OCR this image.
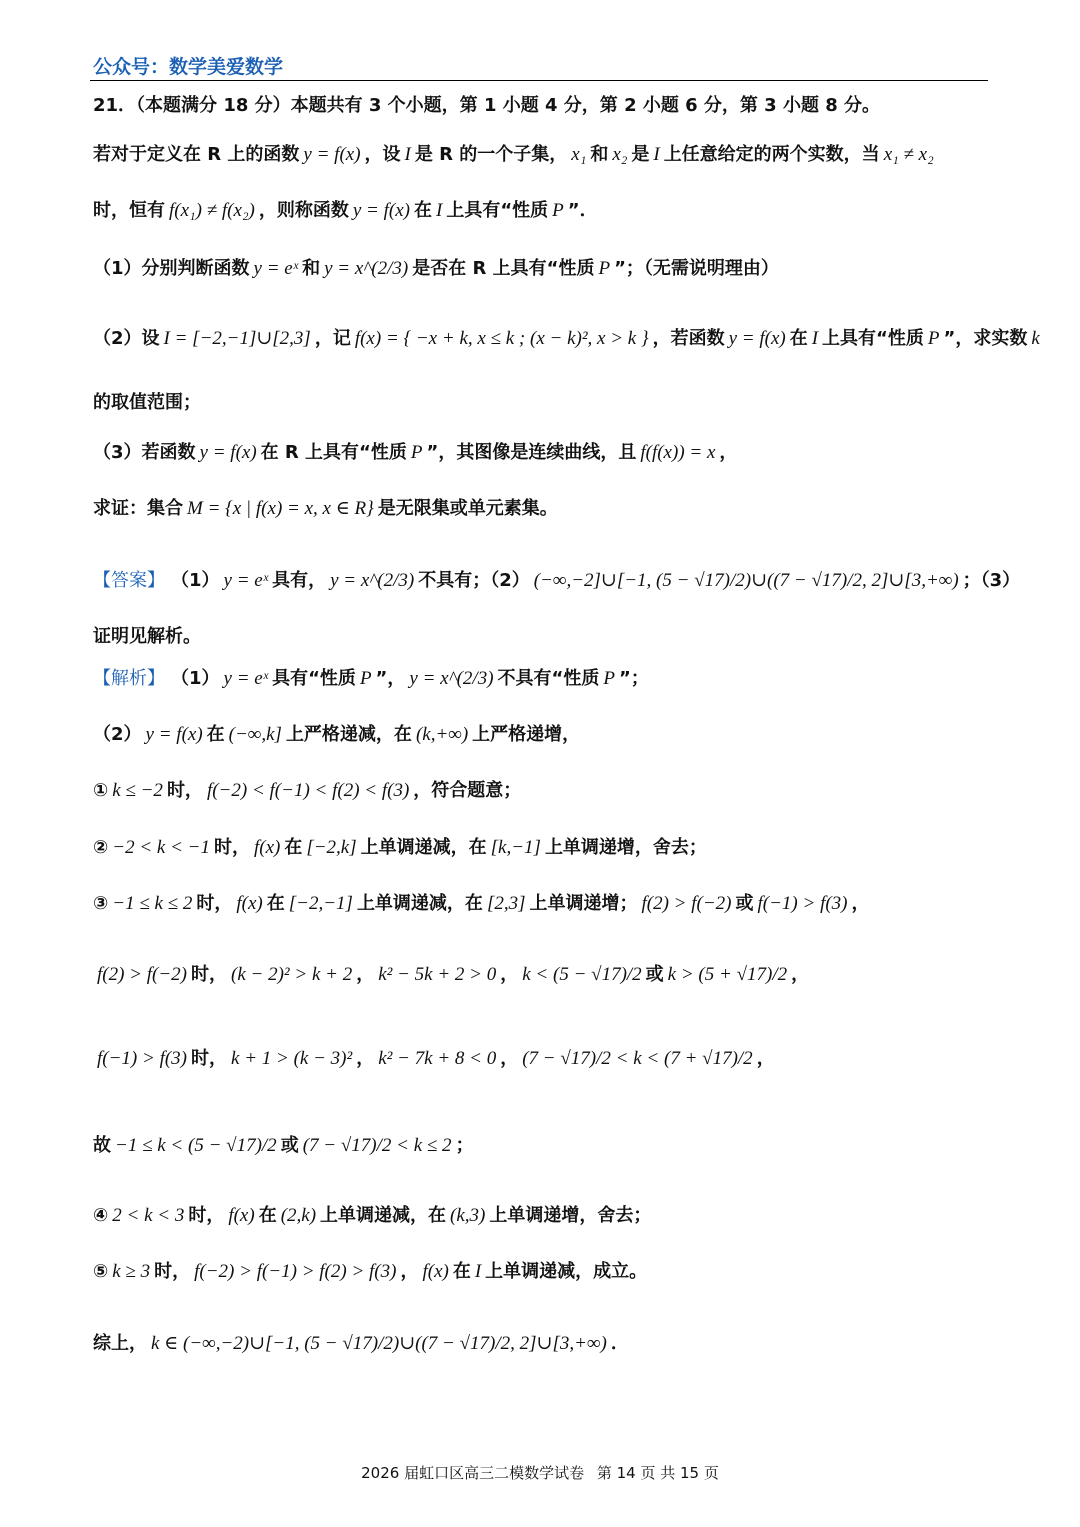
公众号：数学美爱数学
21．（本题满分 18 分）本题共有 3 个小题，第 1 小题 4 分，第 2 小题 6 分，第 3 小题 8 分。
若对于定义在 R 上的函数 y = f(x) ，设 I 是 R 的一个子集， x₁ 和 x₂ 是 I 上任意给定的两个实数，当 x₁ ≠ x₂
时，恒有 f(x₁) ≠ f(x₂) ，则称函数 y = f(x) 在 I 上具有“性质 P ”．
（1）分别判断函数 y = eˣ 和 y = x^(2/3) 是否在 R 上具有“性质 P ”；（无需说明理由）
（2）设 I = [−2,−1]∪[2,3] ，记 f(x) = { −x + k, x ≤ k ; (x − k)², x > k } ，若函数 y = f(x) 在 I 上具有“性质 P ”，求实数 k
的取值范围；
（3）若函数 y = f(x) 在 R 上具有“性质 P ”，其图像是连续曲线，且 f(f(x)) = x ，
求证：集合 M = {x | f(x) = x, x ∈ R} 是无限集或单元素集。
【答案】 （1） y = eˣ 具有， y = x^(2/3) 不具有；（2） (−∞,−2]∪[−1, (5 − √17)/2)∪((7 − √17)/2, 2]∪[3,+∞) ；（3）
证明见解析。
【解析】 （1） y = eˣ 具有“性质 P ”， y = x^(2/3) 不具有“性质 P ”；
（2） y = f(x) 在 (−∞,k] 上严格递减，在 (k,+∞) 上严格递增，
① k ≤ −2 时， f(−2) < f(−1) < f(2) < f(3) ，符合题意；
② −2 < k < −1 时， f(x) 在 [−2,k] 上单调递减，在 [k,−1] 上单调递增，舍去；
③ −1 ≤ k ≤ 2 时， f(x) 在 [−2,−1] 上单调递减，在 [2,3] 上单调递增； f(2) > f(−2) 或 f(−1) > f(3) ，
f(2) > f(−2) 时， (k − 2)² > k + 2 ， k² − 5k + 2 > 0 ， k < (5 − √17)/2 或 k > (5 + √17)/2 ，
f(−1) > f(3) 时， k + 1 > (k − 3)² ， k² − 7k + 8 < 0 ， (7 − √17)/2 < k < (7 + √17)/2 ，
故 −1 ≤ k < (5 − √17)/2 或 (7 − √17)/2 < k ≤ 2 ；
④ 2 < k < 3 时， f(x) 在 (2,k) 上单调递减，在 (k,3) 上单调递增，舍去；
⑤ k ≥ 3 时， f(−2) > f(−1) > f(2) > f(3) ， f(x) 在 I 上单调递减，成立。
综上， k ∈ (−∞,−2)∪[−1, (5 − √17)/2)∪((7 − √17)/2, 2]∪[3,+∞) ．
2026 届虹口区高三二模数学试卷 第 14 页 共 15 页
